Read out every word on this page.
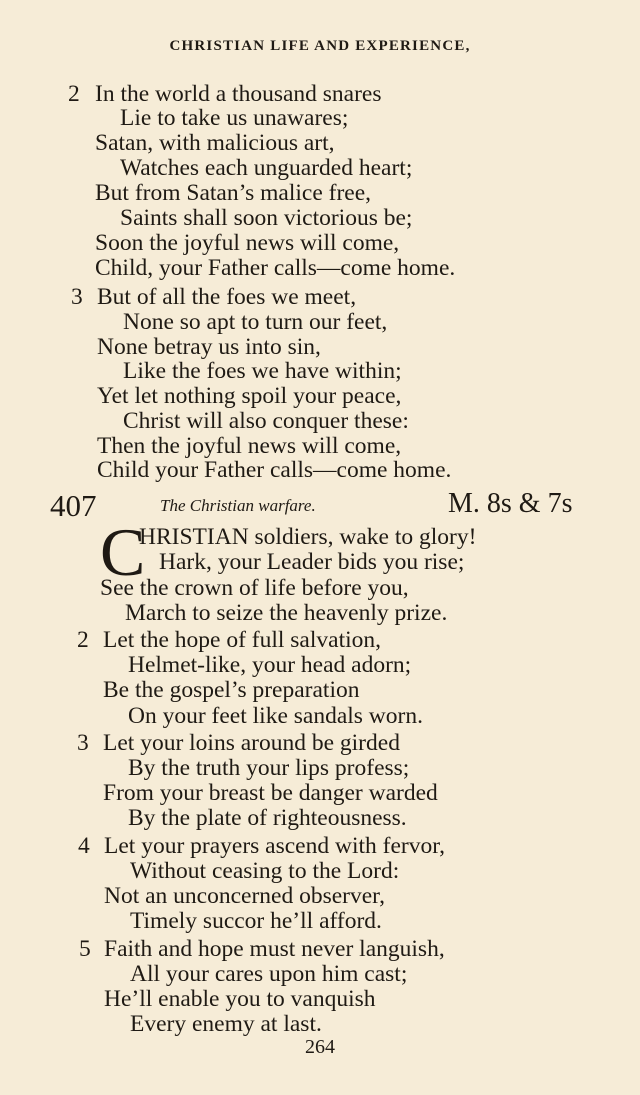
CHRISTIAN LIFE AND EXPERIENCE,
2 In the world a thousand snares
Lie to take us unawares;
Satan, with malicious art,
Watches each unguarded heart;
But from Satan’s malice free,
Saints shall soon victorious be;
Soon the joyful news will come,
Child, your Father calls—come home.
3 But of all the foes we meet,
None so apt to turn our feet,
None betray us into sin,
Like the foes we have within;
Yet let nothing spoil your peace,
Christ will also conquer these:
Then the joyful news will come,
Child your Father calls—come home.
407	The Christian warfare.	M. 8s & 7s
C
HRISTIAN soldiers, wake to glory!
Hark, your Leader bids you rise;
See the crown of life before you,
March to seize the heavenly prize.
2 Let the hope of full salvation,
Helmet-like, your head adorn;
Be the gospel’s preparation
On your feet like sandals worn.
3 Let your loins around be girded
By the truth your lips profess;
From your breast be danger warded
By the plate of righteousness.
4 Let your prayers ascend with fervor,
Without ceasing to the Lord:
Not an unconcerned observer,
Timely succor he’ll afford.
5 Faith and hope must never languish,
All your cares upon him cast;
He’ll enable you to vanquish
Every enemy at last.
264
